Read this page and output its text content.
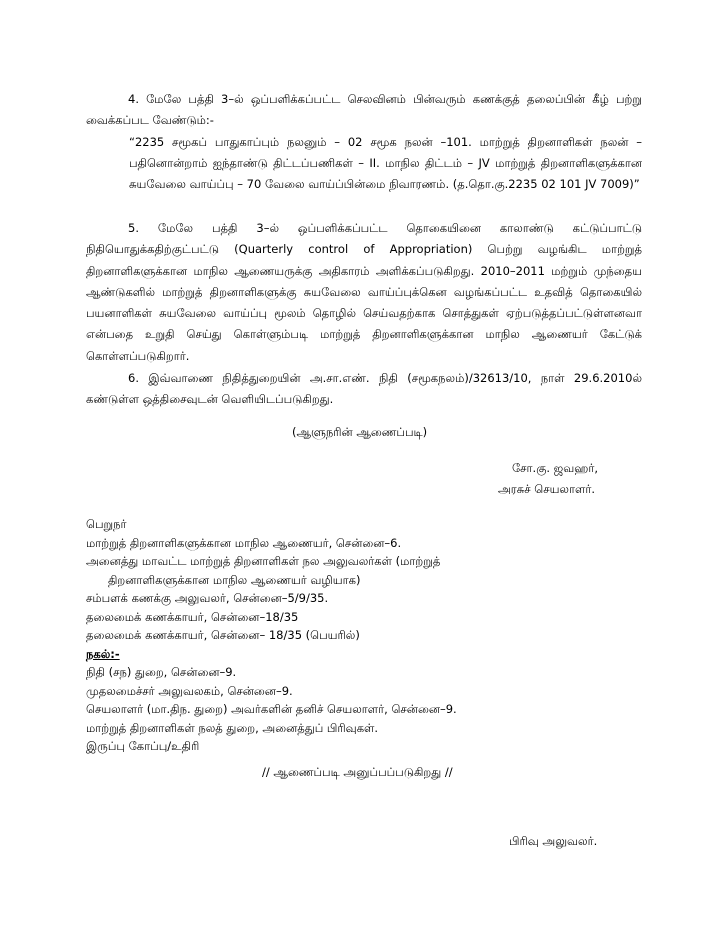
4. மேலே பத்தி 3–ல் ஒப்பளிக்கப்பட்ட செலவினம் பின்வரும் கணக்குத் தலைப்பின் கீழ் பற்று வைக்கப்பட வேண்டும்:-

“2235 சமூகப் பாதுகாப்பும் நலனும் – 02 சமூக நலன் –101. மாற்றுத் திறனாளிகள் நலன் – பதினொன்றாம் ஐந்தாண்டு திட்டப்பணிகள் – II. மாநில திட்டம் – JV மாற்றுத் திறனாளிகளுக்கான சுயவேலை வாய்ப்பு – 70 வேலை வாய்ப்பின்மை நிவாரணம். (த.தொ.கு.2235 02 101 JV 7009)”

5. மேலே பத்தி 3–ல் ஒப்பளிக்கப்பட்ட தொகையினை காலாண்டு கட்டுப்பாட்டு நிதியொதுக்கதிற்குட்பட்டு (Quarterly control of Appropriation) பெற்று வழங்கிட மாற்றுத் திறனாளிகளுக்கான மாநில ஆணையருக்கு அதிகாரம் அளிக்கப்படுகிறது. 2010–2011 மற்றும் முந்தைய ஆண்டுகளில் மாற்றுத் திறனாளிகளுக்கு சுயவேலை வாய்ப்புக்கென வழங்கப்பட்ட உதவித் தொகையில் பயனாளிகள் சுயவேலை வாய்ப்பு மூலம் தொழில் செய்வதற்காக சொத்துகள் ஏற்படுத்தப்பட்டுள்ளனவா என்பதை உறுதி செய்து கொள்ளும்படி மாற்றுத் திறனாளிகளுக்கான மாநில ஆணையர் கேட்டுக் கொள்ளப்படுகிறார்.

6. இவ்வாணை நிதித்துறையின் அ.சா.எண். நிதி (சமூகநலம்)/32613/10, நாள் 29.6.2010ல் கண்டுள்ள ஒத்திசைவுடன் வெளியிடப்படுகிறது.

(ஆளுநரின் ஆணைப்படி)
சோ.கு. ஜவஹர்,
அரசுச் செயலாளர்.
பெறுநர்
மாற்றுத் திறனாளிகளுக்கான மாநில ஆணையர், சென்னை–6.
அனைத்து மாவட்ட மாற்றுத் திறனாளிகள் நல அலுவலர்கள் (மாற்றுத்
திறனாளிகளுக்கான மாநில ஆணையர் வழியாக)
சம்பளக் கணக்கு அலுவலர், சென்னை–5/9/35.
தலைமைக் கணக்காயர், சென்னை–18/35
தலைமைக் கணக்காயர், சென்னை– 18/35 (பெயரில்)
நகல்:-
நிதி (சந) துறை, சென்னை–9.
முதலமைச்சர் அலுவலகம், சென்னை–9.
செயலாளர் (மா.திந. துறை) அவர்களின் தனிச் செயலாளர், சென்னை–9.
மாற்றுத் திறனாளிகள் நலத் துறை, அனைத்துப் பிரிவுகள்.
இருப்பு கோப்பு/உதிரி
// ஆணைப்படி அனுப்பப்படுகிறது //
பிரிவு அலுவலர்.
